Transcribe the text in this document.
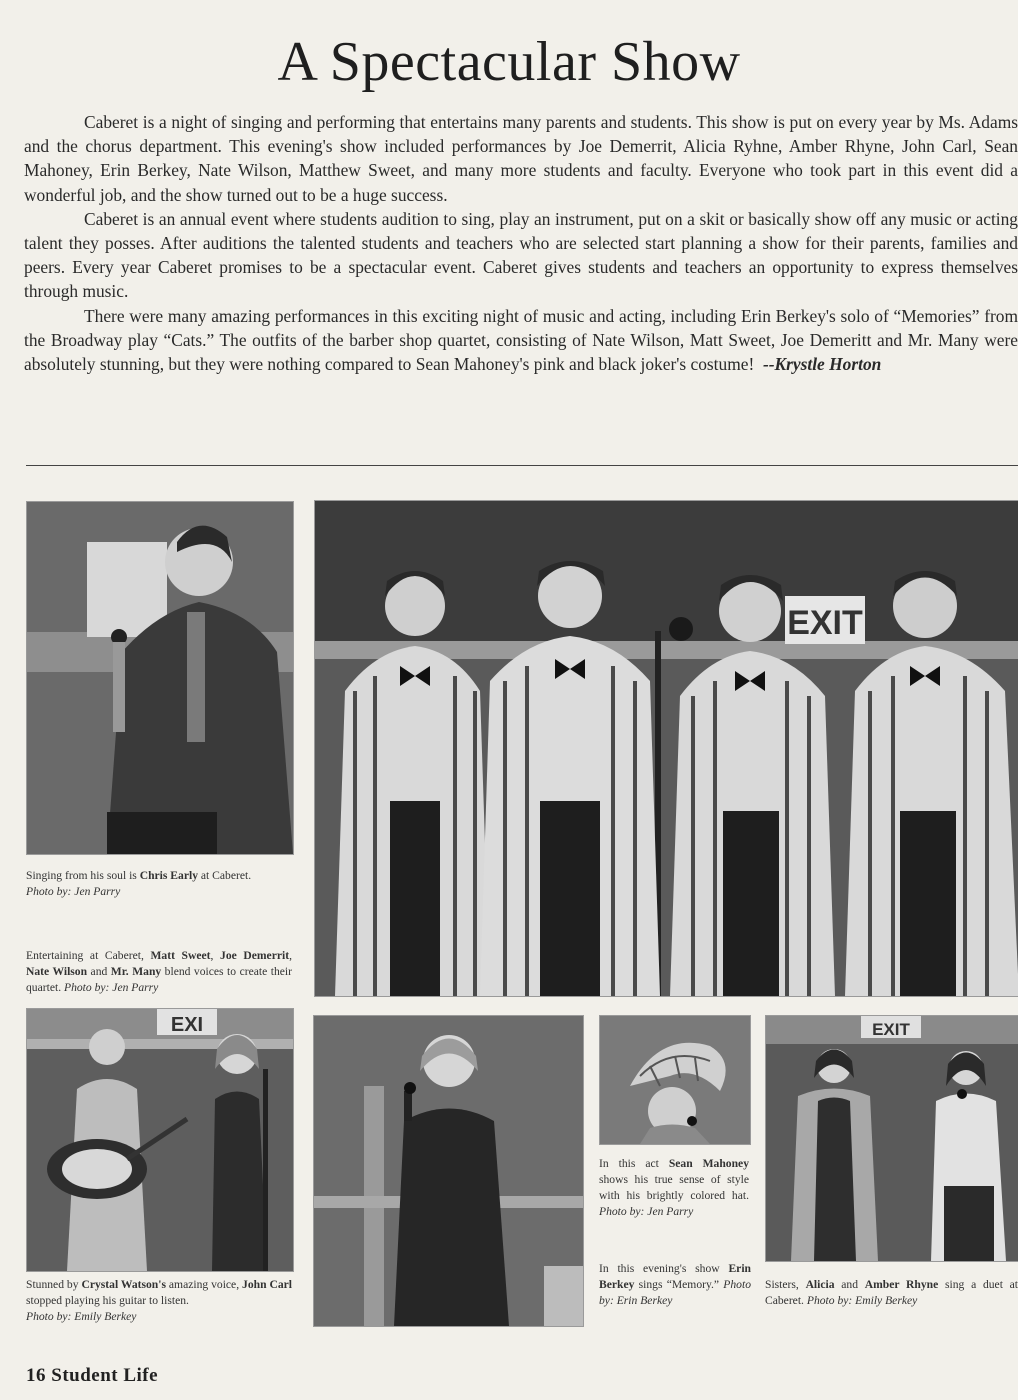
A Spectacular Show

Caberet is a night of singing and performing that entertains many parents and students. This show is put on every year by Ms. Adams and the chorus department. This evening's show included performances by Joe Demerrit, Alicia Ryhne, Amber Rhyne, John Carl, Sean Mahoney, Erin Berkey, Nate Wilson, Matthew Sweet, and many more students and faculty. Everyone who took part in this event did a wonderful job, and the show turned out to be a huge success.

Caberet is an annual event where students audition to sing, play an instrument, put on a skit or basically show off any music or acting talent they posses. After auditions the talented students and teachers who are selected start planning a show for their parents, families and peers. Every year Caberet promises to be a spectacular event. Caberet gives students and teachers an opportunity to express themselves through music.

There were many amazing performances in this exciting night of music and acting, including Erin Berkey's solo of “Memories” from the Broadway play “Cats.” The outfits of the barber shop quartet, consisting of Nate Wilson, Matt Sweet, Joe Demeritt and Mr. Many were absolutely stunning, but they were nothing compared to Sean Mahoney's pink and black joker's costume! --Krystle Horton

Singing from his soul is Chris Early at Caberet.
Photo by: Jen Parry
Entertaining at Caberet, Matt Sweet, Joe Demerrit, Nate Wilson and Mr. Many blend voices to create their quartet. Photo by: Jen Parry
EXIT
EXI
Stunned by Crystal Watson's amazing voice, John Carl stopped playing his guitar to listen.
Photo by: Emily Berkey
In this act Sean Mahoney shows his true sense of style with his brightly colored hat. Photo by: Jen Parry
In this evening's show Erin Berkey sings “Memory.” Photo by: Erin Berkey
EXIT
Sisters, Alicia and Amber Rhyne sing a duet at Caberet. Photo by: Emily Berkey
16 Student Life
